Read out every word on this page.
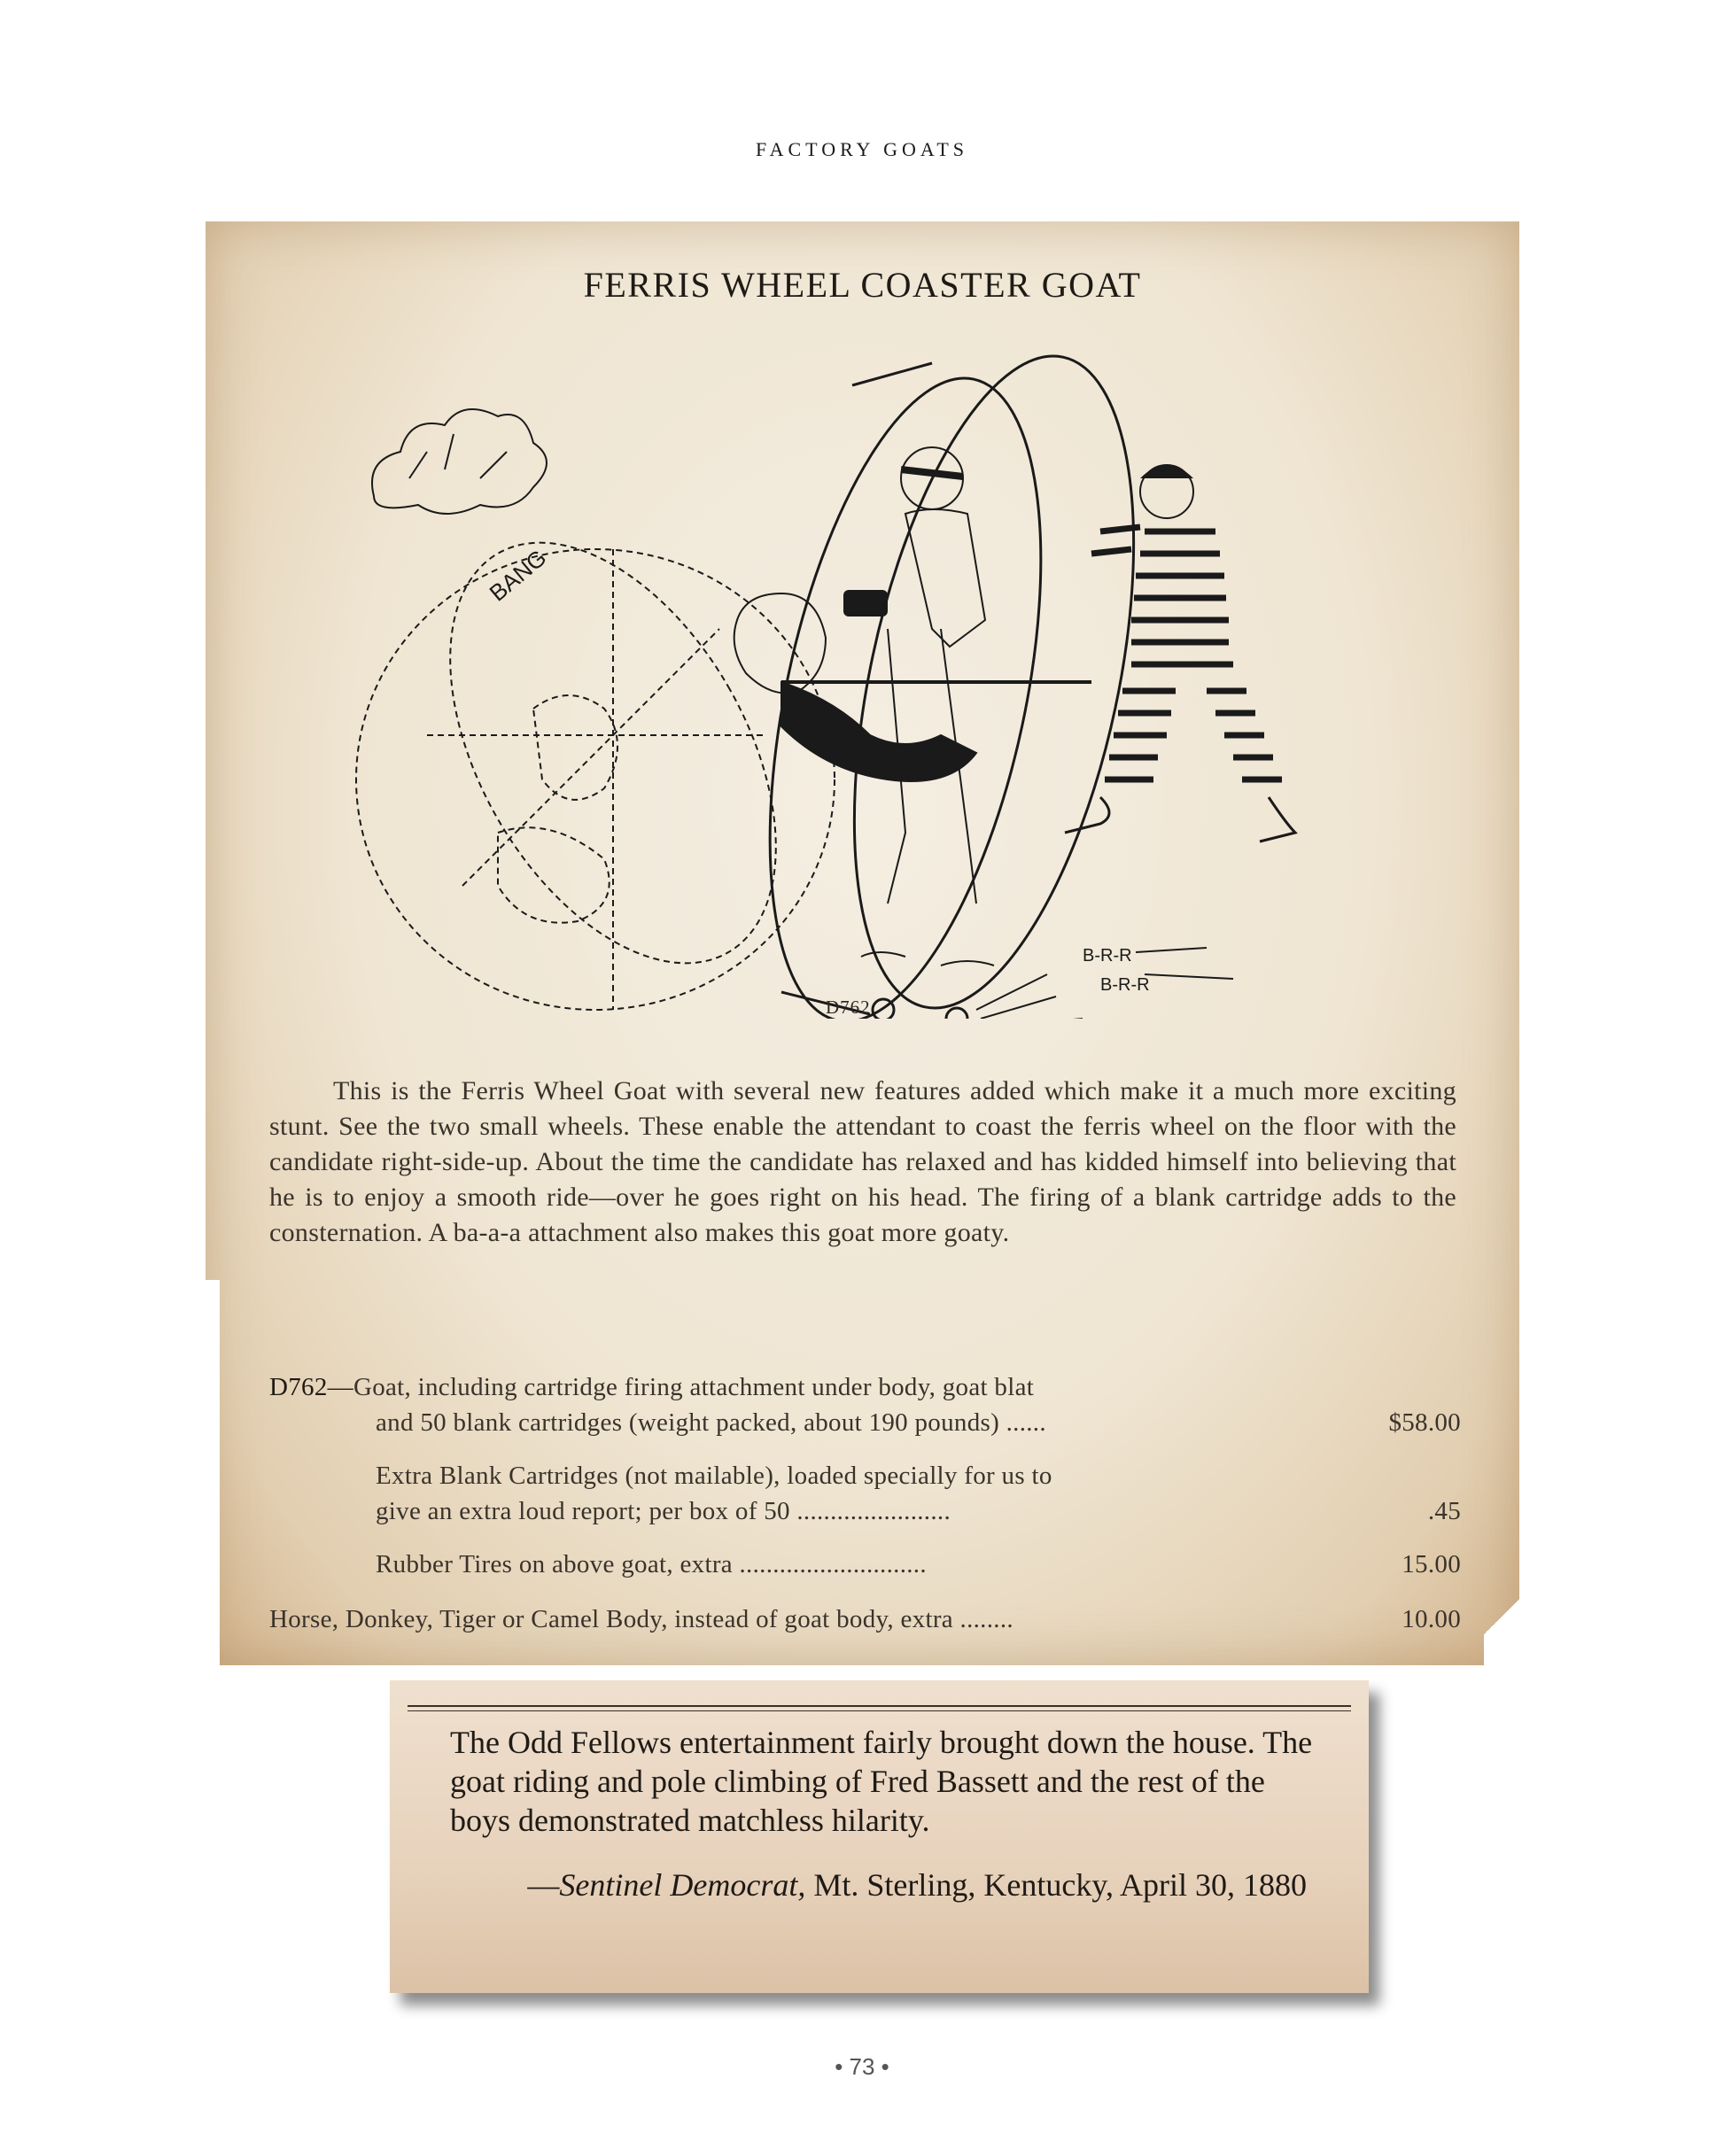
FACTORY GOATS
FERRIS WHEEL COASTER GOAT
BANG
B-R-R
B-R-R
D762
This is the Ferris Wheel Goat with several new features added which make it a much more exciting stunt. See the two small wheels. These enable the attendant to coast the ferris wheel on the floor with the candidate right-side-up. About the time the candidate has relaxed and has kidded himself into believing that he is to enjoy a smooth ride—over he goes right on his head. The firing of a blank cartridge adds to the consternation. A ba-a-a attachment also makes this goat more goaty.
D762—Goat, including cartridge firing attachment under body, goat blat
and 50 blank cartridges (weight packed, about 190 pounds) ......	$58.00
Extra Blank Cartridges (not mailable), loaded specially for us to
give an extra loud report; per box of 50 .......................	.45
Rubber Tires on above goat, extra ............................	15.00
Horse, Donkey, Tiger or Camel Body, instead of goat body, extra ........	10.00
The Odd Fellows entertainment fairly brought down the house. The goat riding and pole climbing of Fred Bassett and the rest of the boys demonstrated matchless hilarity.
—Sentinel Democrat, Mt. Sterling, Kentucky, April 30, 1880
• 73 •
